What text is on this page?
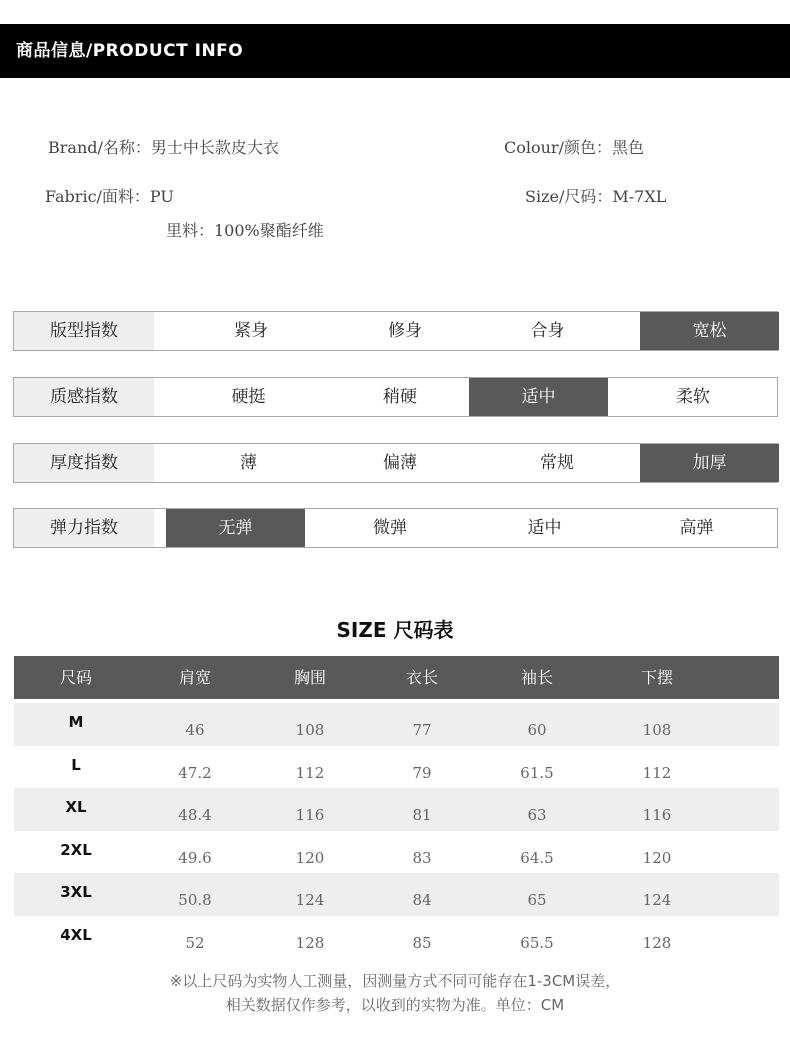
商品信息/PRODUCT INFO
Brand/名称：男士中长款皮大衣	Colour/颜色：黑色
Fabric/面料：PU	Size/尺码：M-7XL
里料：100%聚酯纤维
版型指数	紧身	修身	合身	宽松
质感指数	硬挺	稍硬	适中	柔软
厚度指数	薄	偏薄	常规	加厚
弹力指数	无弹	微弹	适中	高弹
SIZE 尺码表
尺码	肩宽	胸围	衣长	袖长	下摆
M	46	108	77	60	108
L	47.2	112	79	61.5	112
XL	48.4	116	81	63	116
2XL	49.6	120	83	64.5	120
3XL	50.8	124	84	65	124
4XL	52	128	85	65.5	128
※以上尺码为实物人工测量，因测量方式不同可能存在1-3CM误差，
相关数据仅作参考，以收到的实物为准。单位：CM
